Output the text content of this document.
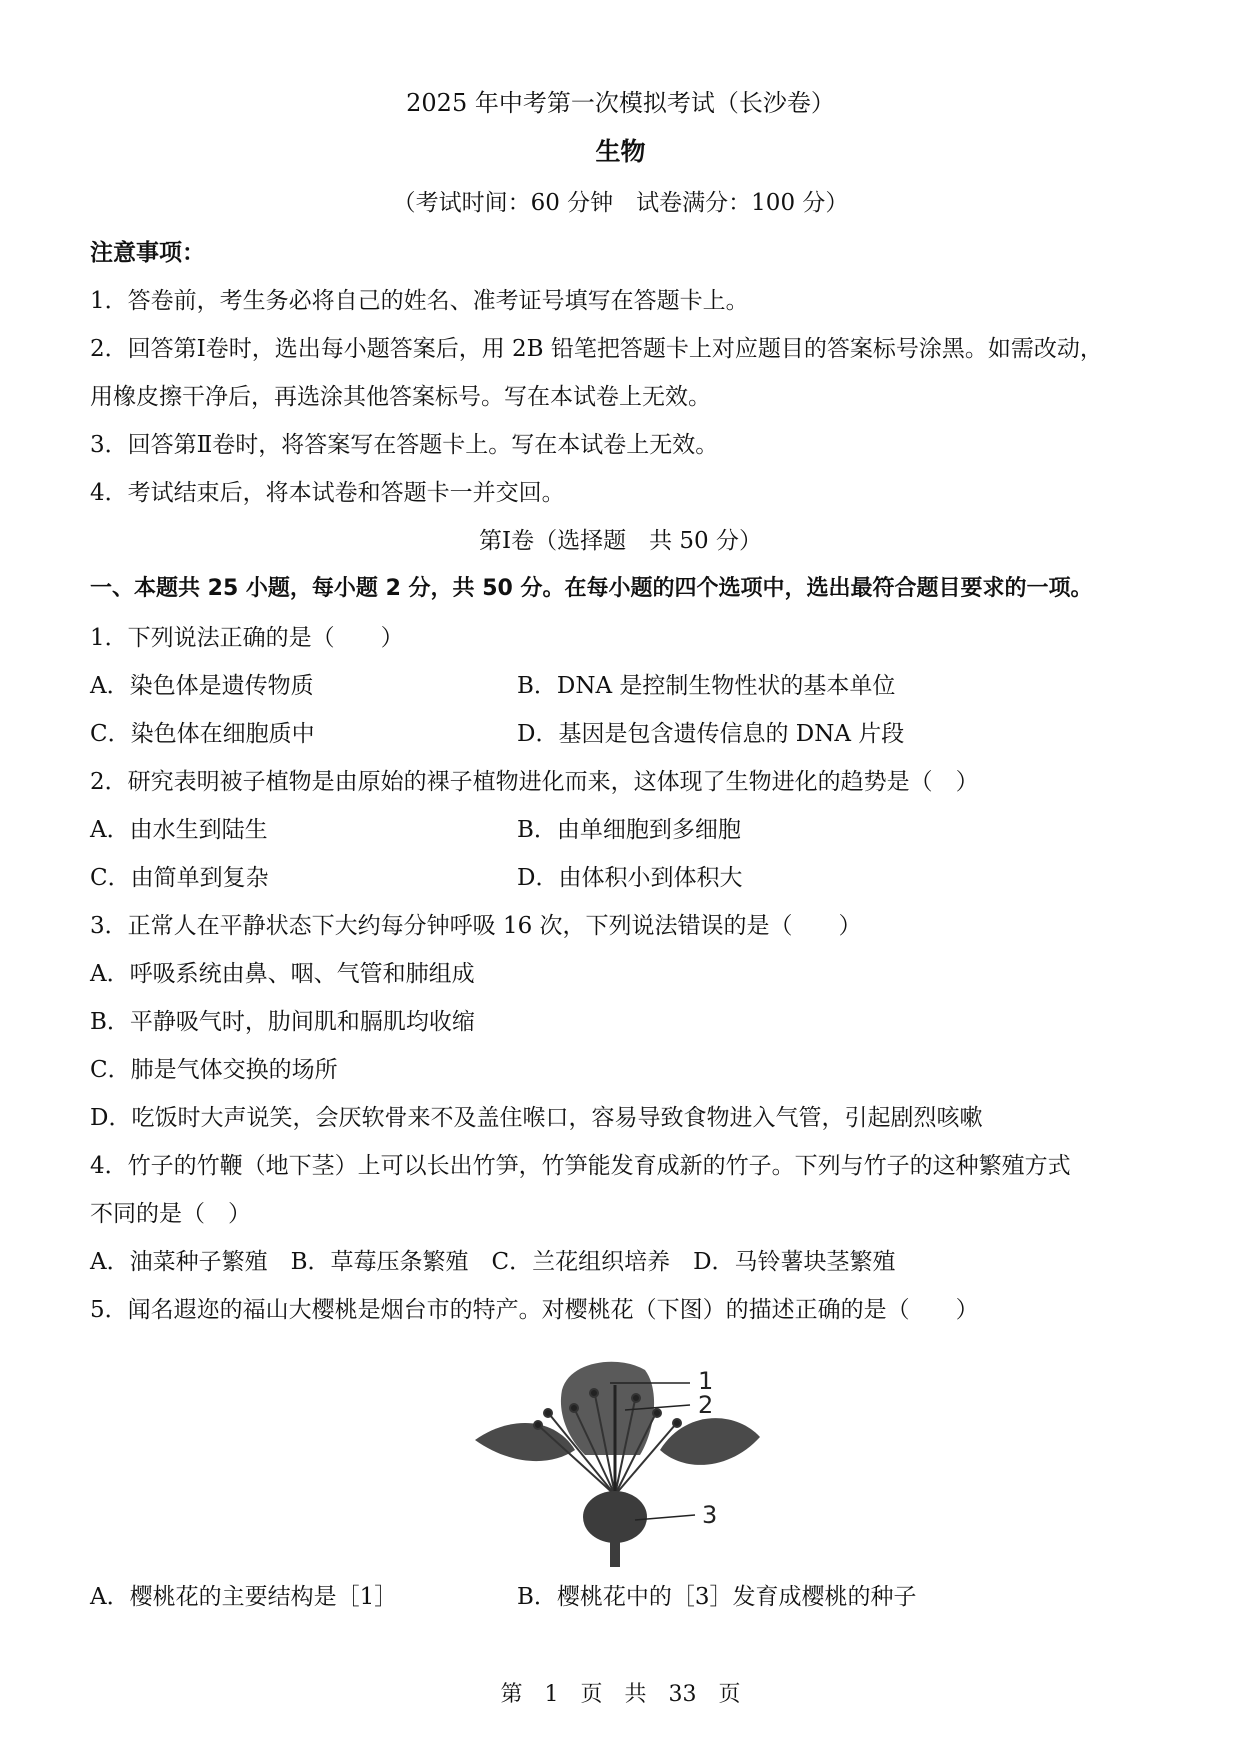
2025 年中考第一次模拟考试（长沙卷）
生物
（考试时间：60 分钟　试卷满分：100 分）
注意事项：
1．答卷前，考生务必将自己的姓名、准考证号填写在答题卡上。
2．回答第Ⅰ卷时，选出每小题答案后，用 2B 铅笔把答题卡上对应题目的答案标号涂黑。如需改动，
用橡皮擦干净后，再选涂其他答案标号。写在本试卷上无效。
3．回答第Ⅱ卷时，将答案写在答题卡上。写在本试卷上无效。
4．考试结束后，将本试卷和答题卡一并交回。
第Ⅰ卷（选择题　共 50 分）
一、本题共 25 小题，每小题 2 分，共 50 分。在每小题的四个选项中，选出最符合题目要求的一项。
1．下列说法正确的是（　　）
A．染色体是遗传物质	B．DNA 是控制生物性状的基本单位
C．染色体在细胞质中	D．基因是包含遗传信息的 DNA 片段
2．研究表明被子植物是由原始的裸子植物进化而来，这体现了生物进化的趋势是（　）
A．由水生到陆生	B．由单细胞到多细胞
C．由简单到复杂	D．由体积小到体积大
3．正常人在平静状态下大约每分钟呼吸 16 次，下列说法错误的是（　　）
A．呼吸系统由鼻、咽、气管和肺组成
B．平静吸气时，肋间肌和膈肌均收缩
C．肺是气体交换的场所
D．吃饭时大声说笑，会厌软骨来不及盖住喉口，容易导致食物进入气管，引起剧烈咳嗽
4．竹子的竹鞭（地下茎）上可以长出竹笋，竹笋能发育成新的竹子。下列与竹子的这种繁殖方式
不同的是（　）
A．油菜种子繁殖　B．草莓压条繁殖　C．兰花组织培养　D．马铃薯块茎繁殖
5．闻名遐迩的福山大樱桃是烟台市的特产。对樱桃花（下图）的描述正确的是（　　）
1
2
3
A．樱桃花的主要结构是［1］	B．樱桃花中的［3］发育成樱桃的种子
第　1　页　共　33　页
